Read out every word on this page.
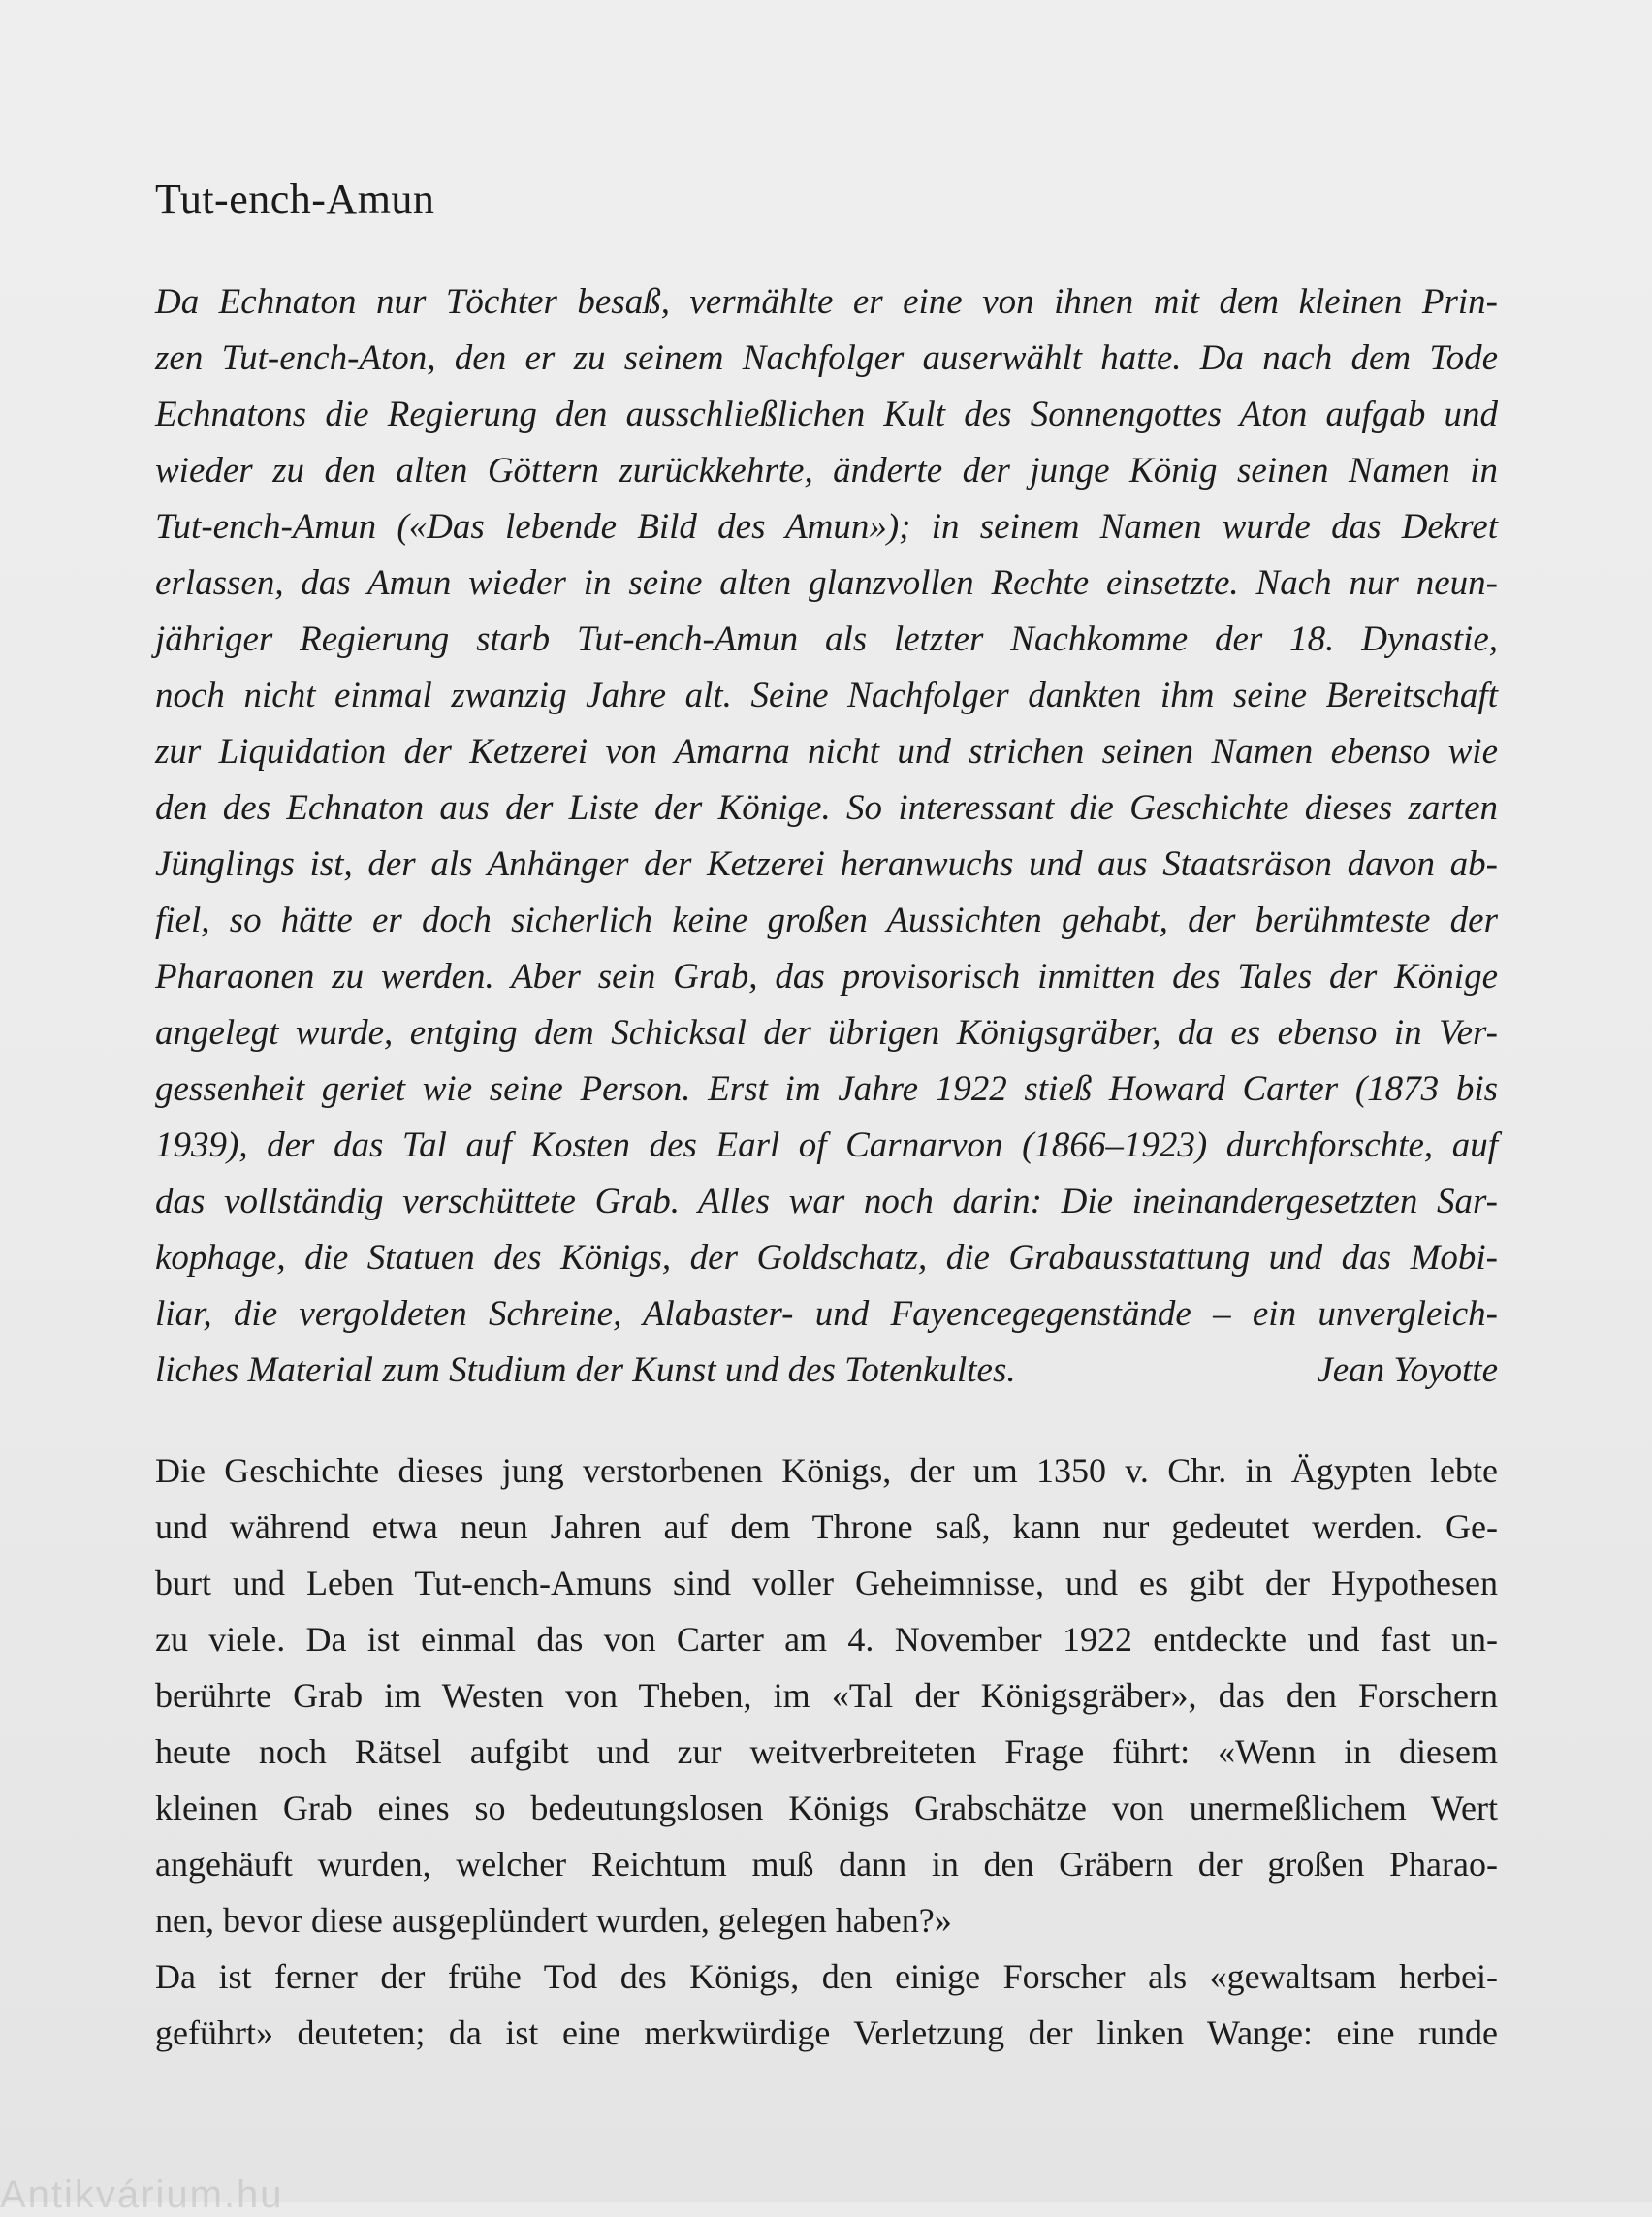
Tut-ench-Amun
Da Echnaton nur Töchter besaß, vermählte er eine von ihnen mit dem kleinen Prin-
zen Tut-ench-Aton, den er zu seinem Nachfolger auserwählt hatte. Da nach dem Tode
Echnatons die Regierung den ausschließlichen Kult des Sonnengottes Aton aufgab und
wieder zu den alten Göttern zurückkehrte, änderte der junge König seinen Namen in
Tut-ench-Amun («Das lebende Bild des Amun»); in seinem Namen wurde das Dekret
erlassen, das Amun wieder in seine alten glanzvollen Rechte einsetzte. Nach nur neun-
jähriger Regierung starb Tut-ench-Amun als letzter Nachkomme der 18. Dynastie,
noch nicht einmal zwanzig Jahre alt. Seine Nachfolger dankten ihm seine Bereitschaft
zur Liquidation der Ketzerei von Amarna nicht und strichen seinen Namen ebenso wie
den des Echnaton aus der Liste der Könige. So interessant die Geschichte dieses zarten
Jünglings ist, der als Anhänger der Ketzerei heranwuchs und aus Staatsräson davon ab-
fiel, so hätte er doch sicherlich keine großen Aussichten gehabt, der berühmteste der
Pharaonen zu werden. Aber sein Grab, das provisorisch inmitten des Tales der Könige
angelegt wurde, entging dem Schicksal der übrigen Königsgräber, da es ebenso in Ver-
gessenheit geriet wie seine Person. Erst im Jahre 1922 stieß Howard Carter (1873 bis
1939), der das Tal auf Kosten des Earl of Carnarvon (1866–1923) durchforschte, auf
das vollständig verschüttete Grab. Alles war noch darin: Die ineinandergesetzten Sar-
kophage, die Statuen des Königs, der Goldschatz, die Grabausstattung und das Mobi-
liar, die vergoldeten Schreine, Alabaster- und Fayencegegenstände – ein unvergleich-
liches Material zum Studium der Kunst und des Totenkultes.	Jean Yoyotte
Die Geschichte dieses jung verstorbenen Königs, der um 1350 v. Chr. in Ägypten lebte
und während etwa neun Jahren auf dem Throne saß, kann nur gedeutet werden. Ge-
burt und Leben Tut-ench-Amuns sind voller Geheimnisse, und es gibt der Hypothesen
zu viele. Da ist einmal das von Carter am 4. November 1922 entdeckte und fast un-
berührte Grab im Westen von Theben, im «Tal der Königsgräber», das den Forschern
heute noch Rätsel aufgibt und zur weitverbreiteten Frage führt: «Wenn in diesem
kleinen Grab eines so bedeutungslosen Königs Grabschätze von unermeßlichem Wert
angehäuft wurden, welcher Reichtum muß dann in den Gräbern der großen Pharao-
nen, bevor diese ausgeplündert wurden, gelegen haben?»
Da ist ferner der frühe Tod des Königs, den einige Forscher als «gewaltsam herbei-
geführt» deuteten; da ist eine merkwürdige Verletzung der linken Wange: eine runde
Antikvárium.hu
